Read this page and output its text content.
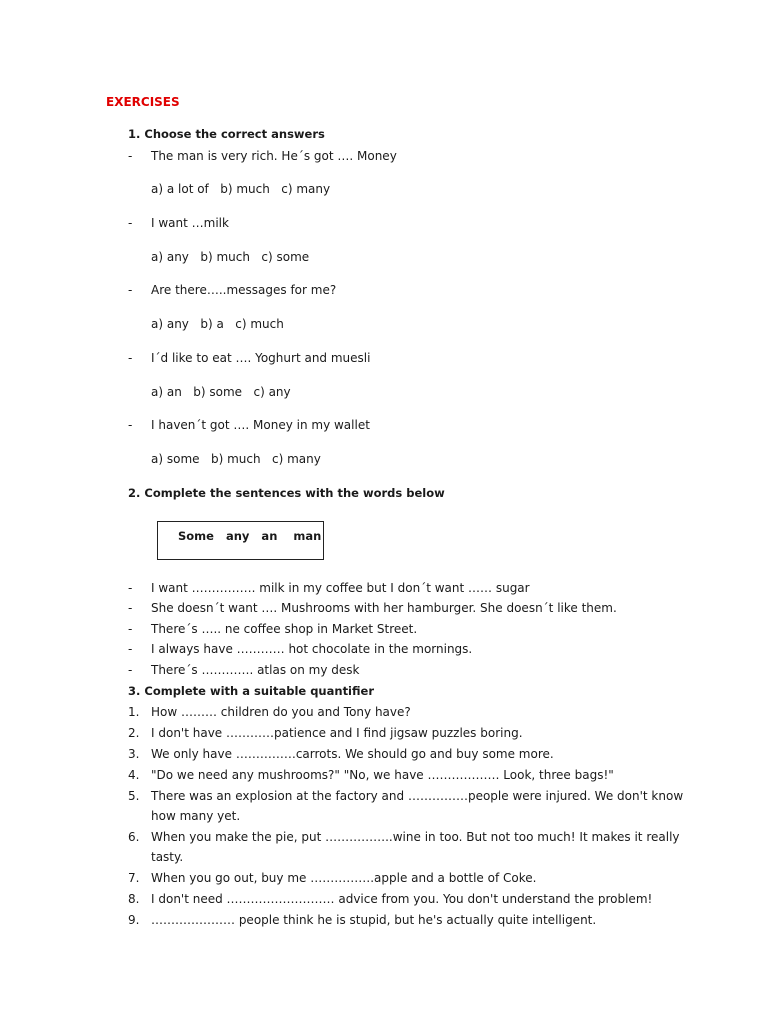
EXERCISES
1. Choose the correct answers
- The man is very rich. He´s got …. Money
a) a lot of   b) much   c) many
- I want …milk
a) any   b) much   c) some
- Are there…..messages for me?
a) any   b) a   c) much
- I´d like to eat …. Yoghurt and muesli
a) an   b) some   c) any
- I haven´t got …. Money in my wallet
a) some   b) much   c) many
2. Complete the sentences with the words below
Some   any   an    man
- I want ……………. milk in my coffee but I don´t want …… sugar
- She doesn´t want …. Mushrooms with her hamburger. She doesn´t like them.
- There´s ….. ne coffee shop in Market Street.
- I always have ………… hot chocolate in the mornings.
- There´s …………. atlas on my desk
3. Complete with a suitable quantifier
1. How ……… children do you and Tony have?
2. I don't have …………patience and I find jigsaw puzzles boring.
3. We only have ……………carrots. We should go and buy some more.
4. "Do we need any mushrooms?" "No, we have ……………… Look, three bags!"
5. There was an explosion at the factory and ……………people were injured. We don't know
how many yet.
6. When you make the pie, put ……………..wine in too. But not too much! It makes it really
tasty.
7. When you go out, buy me …………….apple and a bottle of Coke.
8. I don't need ……………………… advice from you. You don't understand the problem!
9. ………………… people think he is stupid, but he's actually quite intelligent.
